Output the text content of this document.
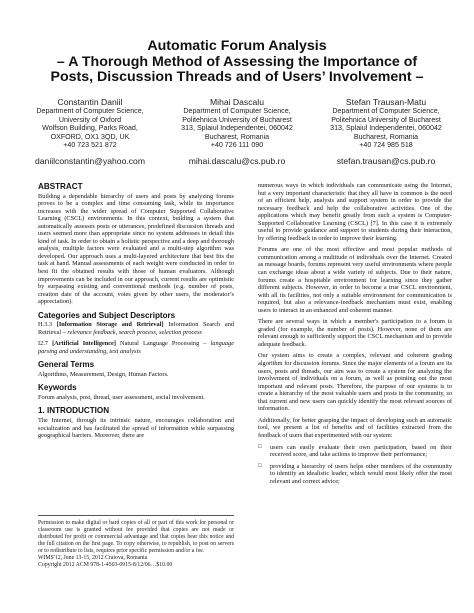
Automatic Forum Analysis
– A Thorough Method of Assessing the Importance of
Posts, Discussion Threads and of Users’ Involvement –
Constantin Daniil
Department of Computer Science,
University of Oxford
Wolfson Building, Parks Road,
OXFORD, OX1 3QD, UK
+40 723 521 872
daniilconstantin@yahoo.com
Mihai Dascalu
Department of Computer Science,
Politehnica University of Bucharest
313, Splaiul Independentei, 060042
Bucharest, Romania
+40 726 111 090
mihai.dascalu@cs.pub.ro
Stefan Trausan-Matu
Department of Computer Science,
Politehnica University of Bucharest
313, Splaiul Independentei, 060042
Bucharest, Romania
+40 724 985 518
stefan.trausan@cs.pub.ro
ABSTRACT

Building a dependable hierarchy of users and posts by analyzing forums proves to be a complex and time consuming task, while its importance increases with the wider spread of Computer Supported Collaborative Learning (CSCL) environments. In this context, building a system that automatically assesses posts or utterances, predefined discussion threads and users seemed more than appropriate since no system addresses in detail this kind of task. In order to obtain a holistic perspective and a deep and thorough analysis, multiple factors were evaluated and a multi-step algorithm was developed. Our approach uses a multi-layered architecture that best fits the task at hand. Manual assessments of each weight were conducted in order to best fit the obtained results with those of human evaluators. Although improvements can be included in our approach, current results are optimistic by surpassing existing and conventional methods (e.g. number of posts, creation date of the account, votes given by other users, the moderator’s appreciation).

Categories and Subject Descriptors

H.3.3 [Information Storage and Retrieval] Information Search and Retrieval – relevance feedback, search process, selection process

I2.7 [Artificial Intelligence] Natural Language Processing – language parsing and understanding, text analysis

General Terms

Algorithms, Measurement, Design, Human Factors.

Keywords

Forum analysis, post, thread, user assessment, social involvement.

1. INTRODUCTION

The Internet, through its intrinsic nature, encourages collaboration and socialization and has facilitated the spread of information while surpassing geographical barriers. Moreover, there are

Permission to make digital or hard copies of all or part of this work for personal or classroom use is granted without fee provided that copies are not made or distributed for profit or commercial advantage and that copies bear this notice and the full citation on the first page. To copy otherwise, to republish, to post on servers or to redistribute to lists, requires prior specific permission and/or a fee.

WIMS'12, June 13-15, 2012 Craiova, Romania

Copyright 2012 ACM 978-1-4503-0915-8/12/06…$10.00

numerous ways in which individuals can communicate using the Internet, but a very important characteristic that they all have in common is the need of an efficient help, analysis and support system in order to provide the necessary feedback and help the collaborative activities. One of the applications which may benefit greatly from such a system is Computer-Supported Collaborative Learning (CSCL) [7]. In this case it is extremely useful to provide guidance and support to students during their interaction, by offering feedback in order to improve their learning.

Forums are one of the most effective and most popular methods of communication among a multitude of individuals over the Internet. Created as message boards, forums represent very useful environments where people can exchange ideas about a wide variety of subjects. Due to their nature, forums create a hospitable environment for learning since they gather different subjects. However, in order to become a true CSCL environment, with all its facilities, not only a suitable environment for communication is required, but also a relevance-feedback mechanism must exist, enabling users to interact in an enhanced and coherent manner.

There are several ways in which a member's participation to a forum is graded (for example, the number of posts). However, none of them are relevant enough to sufficiently support the CSCL mechanism and to provide adequate feedback.

Our system aims to create a complex, relevant and coherent grading algorithm for discussion forums. Since the major elements of a forum are its users, posts and threads, our aim was to create a system for analyzing the involvement of individuals on a forum, as well as pointing out the most important and relevant posts. Therefore, the purpose of our systems is to create a hierarchy of the most valuable users and posts in the community, so that current and new users can quickly identify the most relevant sources of information.

Additionally, for better grasping the impact of developing such an automatic tool, we present a list of benefits and of facilities extracted from the feedback of users that experimented with our system:

□	users can easily evaluate their own participation, based on their received score, and take actions to improve their performance;
□	providing a hierarchy of users helps other members of the community to identify an idealistic leader, which would most likely offer the most relevant and correct advice;
